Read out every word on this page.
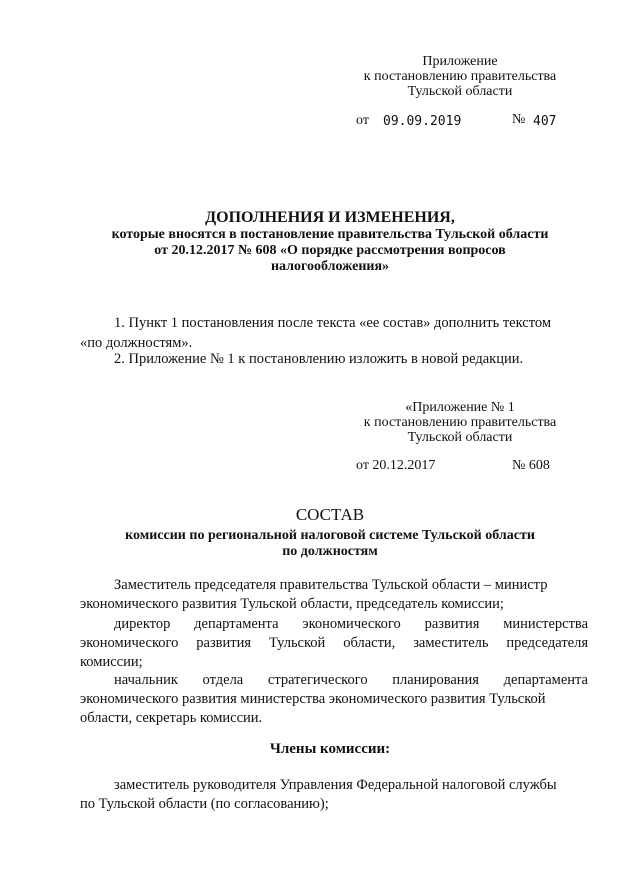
Приложение
к постановлению правительства
Тульской области
от 09.09.2019	№ 407
ДОПОЛНЕНИЯ И ИЗМЕНЕНИЯ,
которые вносятся в постановление правительства Тульской области
от 20.12.2017 № 608 «О порядке рассмотрения вопросов
налогообложения»
1. Пункт 1 постановления после текста «ее состав» дополнить текстом
«по должностям».
2. Приложение № 1 к постановлению изложить в новой редакции.
«Приложение № 1
к постановлению правительства
Тульской области
от 20.12.2017	№ 608
СОСТАВ
комиссии по региональной налоговой системе Тульской области
по должностям
Заместитель председателя правительства Тульской области – министр
экономического развития Тульской области, председатель комиссии;
директор департамента экономического развития министерства
экономического развития Тульской области, заместитель председателя
комиссии;
начальник отдела стратегического планирования департамента
экономического развития министерства экономического развития Тульской
области, секретарь комиссии.
Члены комиссии:
заместитель руководителя Управления Федеральной налоговой службы
по Тульской области (по согласованию);
